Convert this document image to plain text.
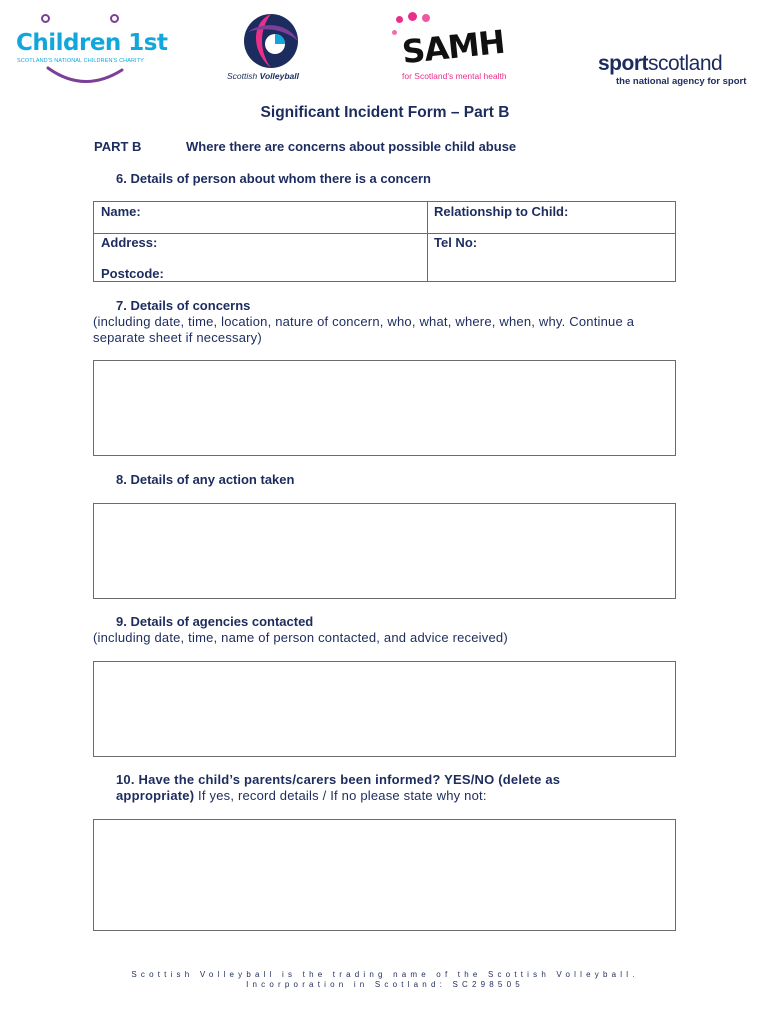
Children 1st
SCOTLAND'S NATIONAL CHILDREN'S CHARITY
Scottish Volleyball
SAMH
for Scotland's mental health
sportscotland
the national agency for sport
Significant Incident Form – Part B
PART B	Where there are concerns about possible child abuse
6. Details of person about whom there is a concern
Name:	Relationship to Child:
Address:	Tel No:
Postcode:
7. Details of concerns
(including date, time, location, nature of concern, who, what, where, when, why. Continue a separate sheet if necessary)
8. Details of any action taken
9. Details of agencies contacted
(including date, time, name of person contacted, and advice received)
10. Have the child’s parents/carers been informed? YES/NO (delete as appropriate) If yes, record details / If no please state why not:
Scottish Volleyball is the trading name of the Scottish Volleyball.
Incorporation in Scotland: SC298505
